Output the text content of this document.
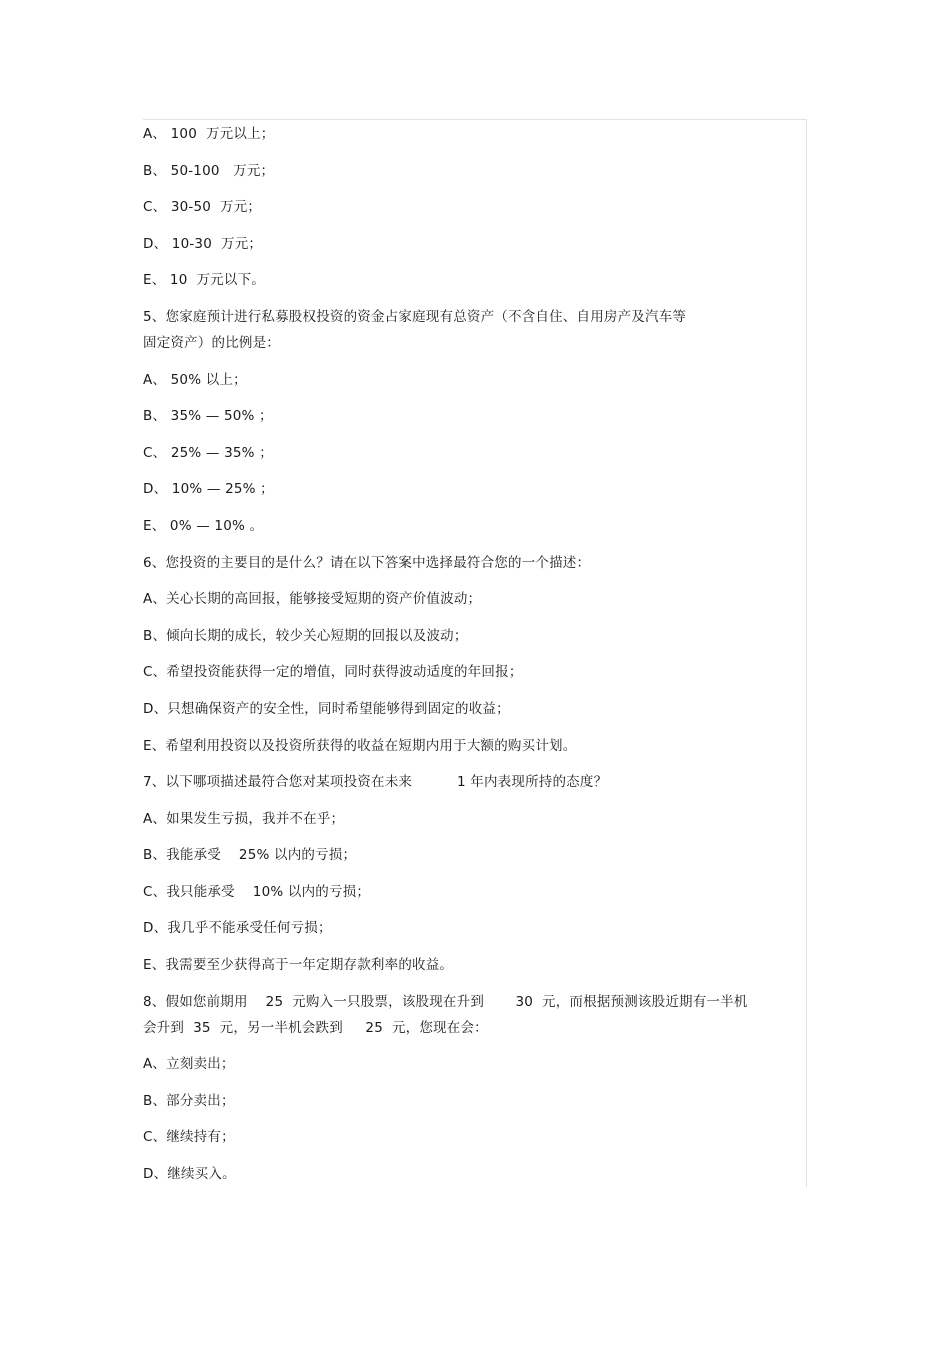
A、 100  万元以上；

B、 50-100   万元；

C、 30-50  万元；

D、 10-30  万元；

E、 10  万元以下。

5、您家庭预计进行私募股权投资的资金占家庭现有总资产（不含自住、自用房产及汽车等

固定资产）的比例是：

A、 50% 以上；

B、 35% — 50% ；

C、 25% — 35% ；

D、 10% — 25% ；

E、 0% — 10% 。

6、您投资的主要目的是什么？请在以下答案中选择最符合您的一个描述：

A、关心长期的高回报，能够接受短期的资产价值波动；

B、倾向长期的成长，较少关心短期的回报以及波动；

C、希望投资能获得一定的增值，同时获得波动适度的年回报；

D、只想确保资产的安全性，同时希望能够得到固定的收益；

E、希望利用投资以及投资所获得的收益在短期内用于大额的购买计划。

7、以下哪项描述最符合您对某项投资在未来          1 年内表现所持的态度？

A、如果发生亏损，我并不在乎；

B、我能承受    25% 以内的亏损；

C、我只能承受    10% 以内的亏损；

D、我几乎不能承受任何亏损；

E、我需要至少获得高于一年定期存款利率的收益。

8、假如您前期用    25  元购入一只股票，该股现在升到       30  元，而根据预测该股近期有一半机

会升到  35  元，另一半机会跌到     25  元，您现在会：

A、立刻卖出；

B、部分卖出；

C、继续持有；

D、继续买入。
